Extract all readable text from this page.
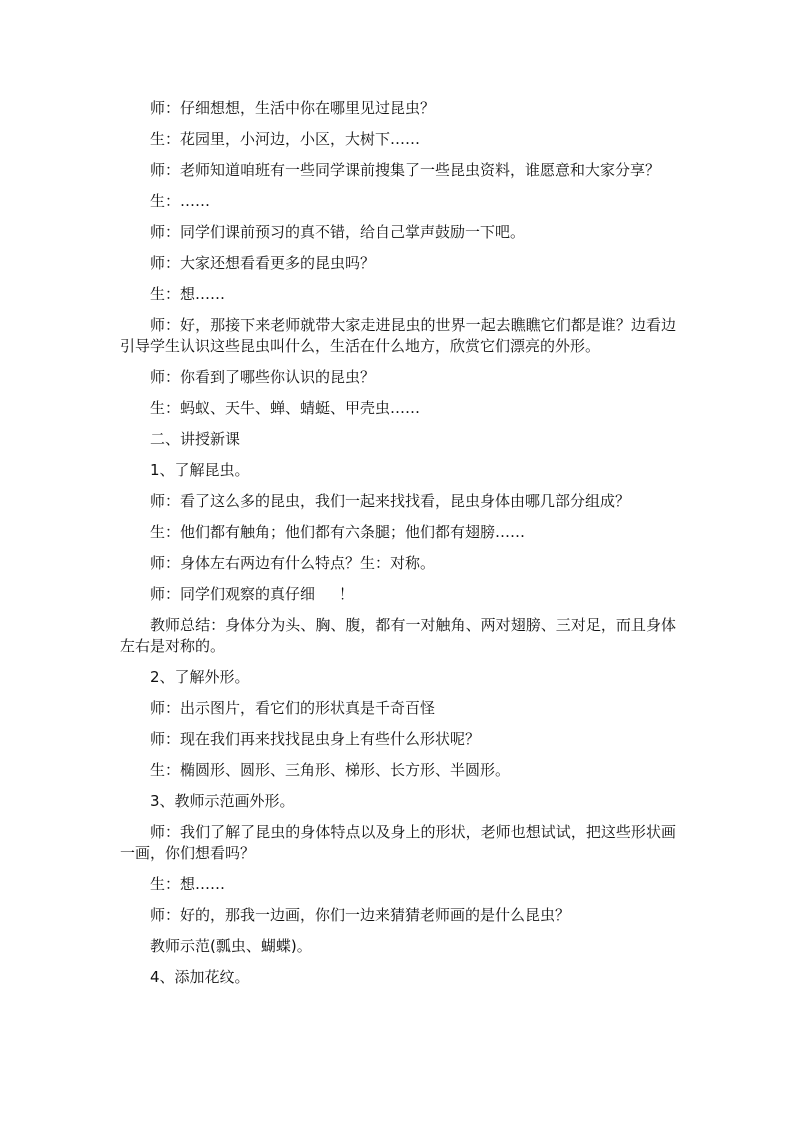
师：仔细想想，生活中你在哪里见过昆虫？

生：花园里，小河边，小区，大树下……

师：老师知道咱班有一些同学课前搜集了一些昆虫资料，谁愿意和大家分享？

生：……

师：同学们课前预习的真不错，给自己掌声鼓励一下吧。

师：大家还想看看更多的昆虫吗？

生：想……

师：好，那接下来老师就带大家走进昆虫的世界一起去瞧瞧它们都是谁？边看边引导学生认识这些昆虫叫什么，生活在什么地方，欣赏它们漂亮的外形。

师：你看到了哪些你认识的昆虫？

生：蚂蚁、天牛、蝉、蜻蜓、甲壳虫……

二、讲授新课

1、了解昆虫。

师：看了这么多的昆虫，我们一起来找找看，昆虫身体由哪几部分组成？

生：他们都有触角；他们都有六条腿；他们都有翅膀……

师：身体左右两边有什么特点？生：对称。

师：同学们观察的真仔细     ！

教师总结：身体分为头、胸、腹，都有一对触角、两对翅膀、三对足，而且身体左右是对称的。

2、了解外形。

师：出示图片，看它们的形状真是千奇百怪

师：现在我们再来找找昆虫身上有些什么形状呢？

生：椭圆形、圆形、三角形、梯形、长方形、半圆形。

3、教师示范画外形。

师：我们了解了昆虫的身体特点以及身上的形状，老师也想试试，把这些形状画一画，你们想看吗？

生：想……

师：好的，那我一边画，你们一边来猜猜老师画的是什么昆虫？

教师示范(瓢虫、蝴蝶)。

4、添加花纹。
